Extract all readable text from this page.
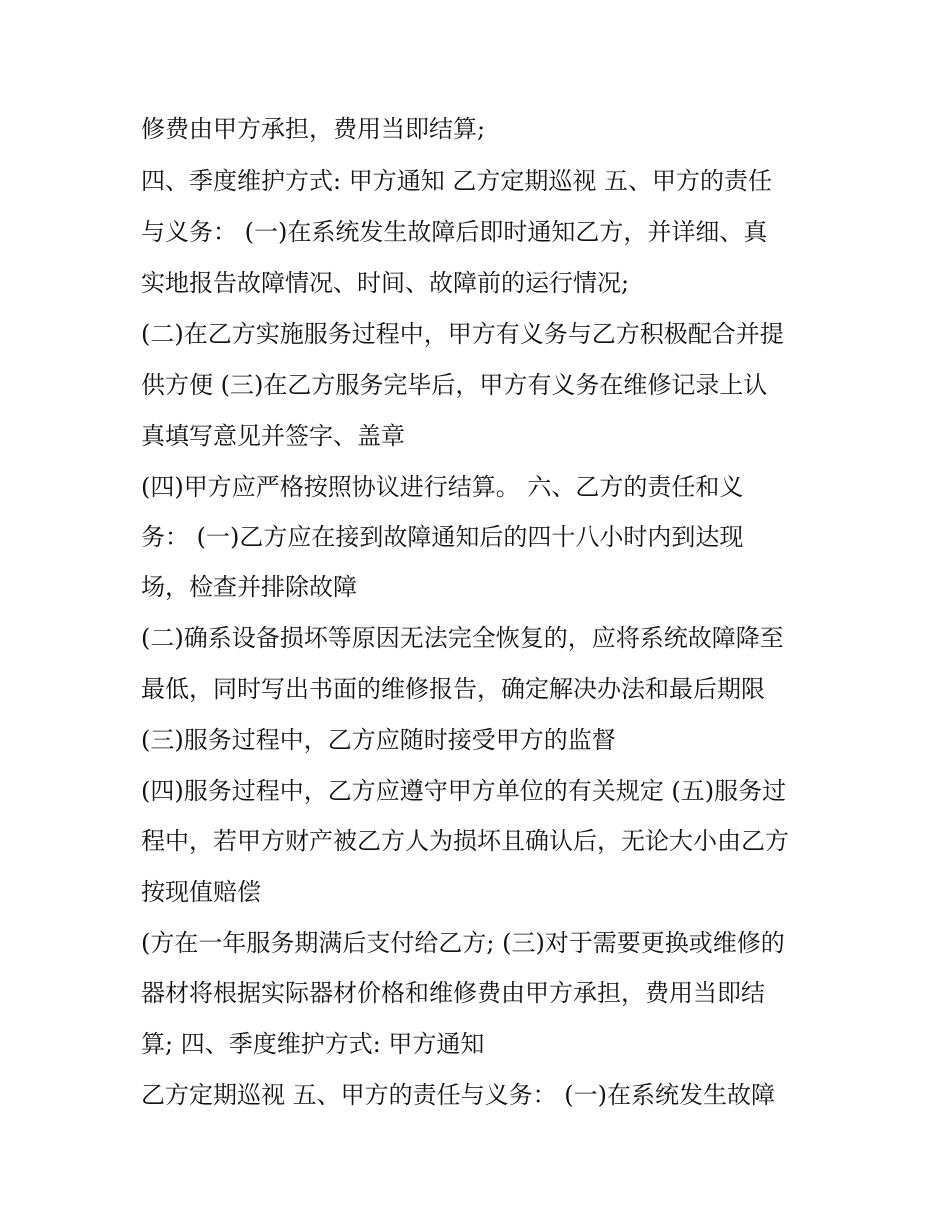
修费由甲方承担，费用当即结算;
四、季度维护方式: 甲方通知 乙方定期巡视 五、甲方的责任
与义务： (一)在系统发生故障后即时通知乙方，并详细、真
实地报告故障情况、时间、故障前的运行情况;
(二)在乙方实施服务过程中，甲方有义务与乙方积极配合并提
供方便 (三)在乙方服务完毕后，甲方有义务在维修记录上认
真填写意见并签字、盖章
(四)甲方应严格按照协议进行结算。 六、乙方的责任和义
务： (一)乙方应在接到故障通知后的四十八小时内到达现
场，检查并排除故障
(二)确系设备损坏等原因无法完全恢复的，应将系统故障降至
最低，同时写出书面的维修报告，确定解决办法和最后期限
(三)服务过程中，乙方应随时接受甲方的监督
(四)服务过程中，乙方应遵守甲方单位的有关规定 (五)服务过
程中，若甲方财产被乙方人为损坏且确认后，无论大小由乙方
按现值赔偿
(方在一年服务期满后支付给乙方; (三)对于需要更换或维修的
器材将根据实际器材价格和维修费由甲方承担，费用当即结
算; 四、季度维护方式: 甲方通知
乙方定期巡视 五、甲方的责任与义务： (一)在系统发生故障
